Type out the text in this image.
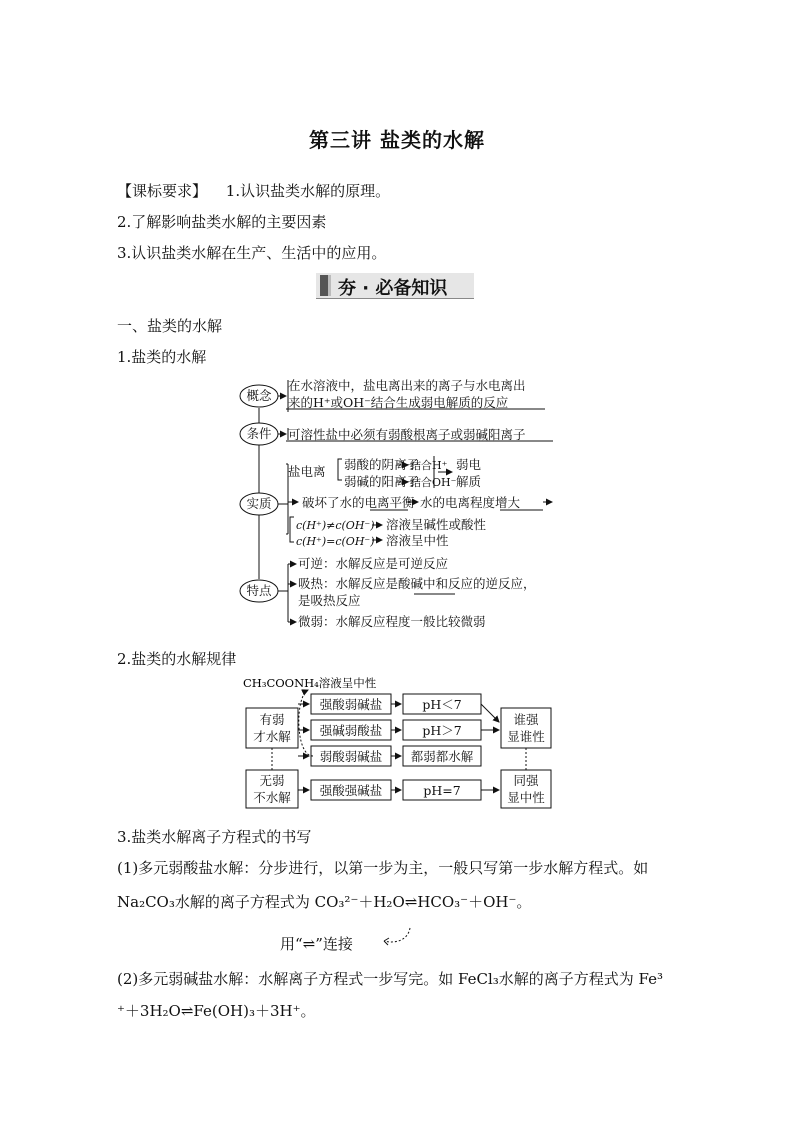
第三讲 盐类的水解
【课标要求】 1.认识盐类水解的原理。
2.了解影响盐类水解的主要因素
3.认识盐类水解在生产、生活中的应用。
夯 · 必备知识
一、盐类的水解
1.盐类的水解
概念
条件
实质
特点
在水溶液中，盐电离出来的离子与水电离出
来的H⁺或OH⁻结合生成弱电解质的反应
可溶性盐中必须有弱酸根离子或弱碱阳离子
盐电离 弱酸的阴离子
结合H⁺
弱碱的阳离子
结合OH⁻
弱电
解质
破坏了水的电离平衡 水的电离程度增大
c(H⁺)≠c(OH⁻) 溶液呈碱性或酸性
c(H⁺)=c(OH⁻) 溶液呈中性
可逆：水解反应是可逆反应
吸热：水解反应是酸碱中和反应的逆反应，
是吸热反应
微弱：水解反应程度一般比较微弱
2.盐类的水解规律
CH₃COONH₄溶液呈中性
有弱
才水解
无弱
不水解
强酸弱碱盐
强碱弱酸盐
弱酸弱碱盐
强酸强碱盐
pH＜7
pH＞7
都弱都水解
pH=7
谁强
显谁性
同强
显中性
3.盐类水解离子方程式的书写
(1)多元弱酸盐水解：分步进行，以第一步为主，一般只写第一步水解方程式。如
Na₂CO₃水解的离子方程式为 CO₃²⁻＋H₂O⇌HCO₃⁻＋OH⁻。
用“⇌”连接
(2)多元弱碱盐水解：水解离子方程式一步写完。如 FeCl₃水解的离子方程式为 Fe³
⁺＋3H₂O⇌Fe(OH)₃＋3H⁺。
